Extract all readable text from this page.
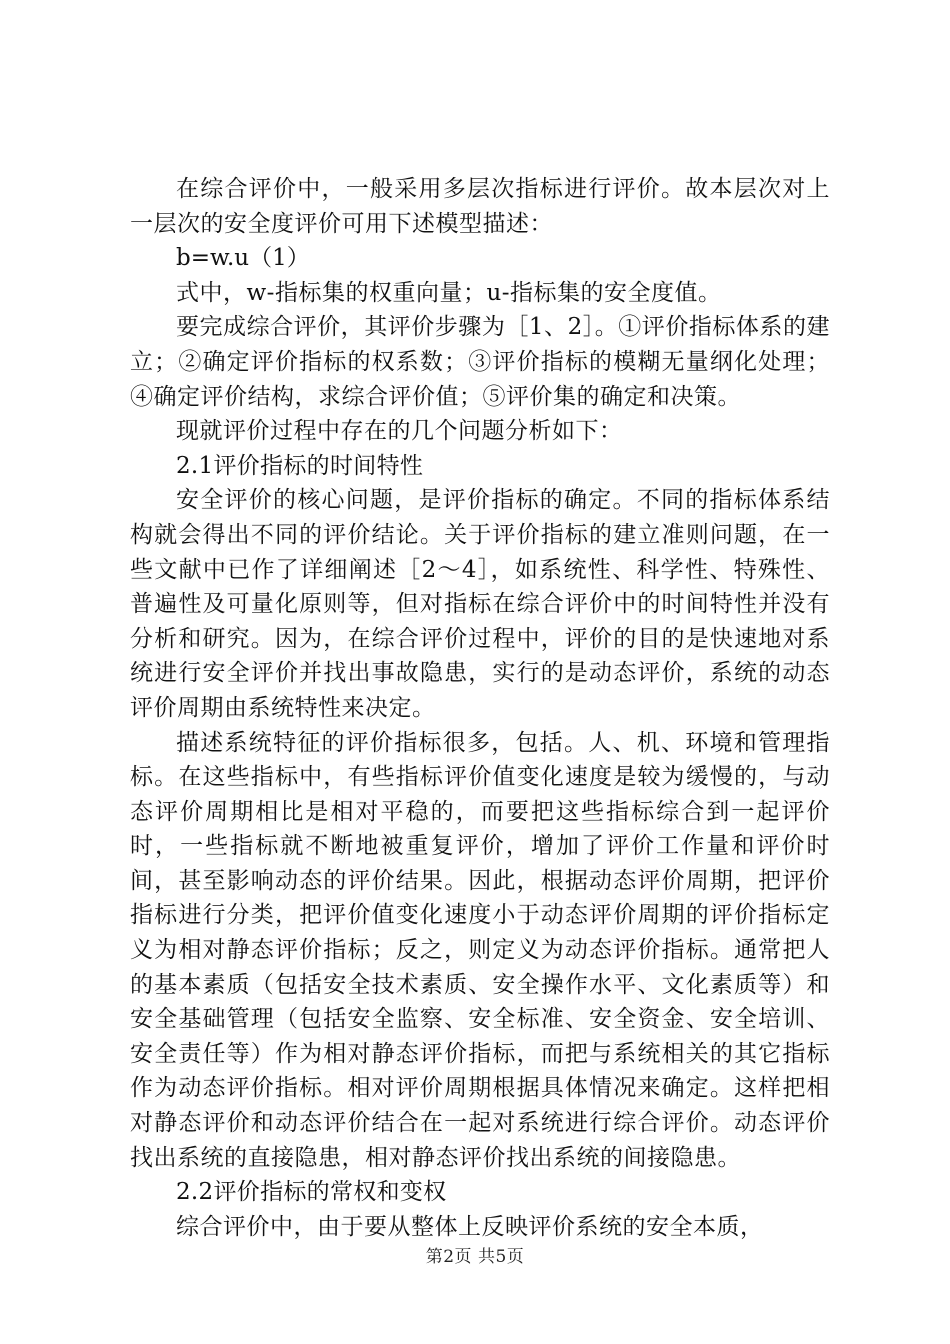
在综合评价中，一般采用多层次指标进行评价。故本层次对上一层次的安全度评价可用下述模型描述：

b=w.u（1）

式中，w-指标集的权重向量；u-指标集的安全度值。

要完成综合评价，其评价步骤为［1、2］。①评价指标体系的建立；②确定评价指标的权系数；③评价指标的模糊无量纲化处理；④确定评价结构，求综合评价值；⑤评价集的确定和决策。

现就评价过程中存在的几个问题分析如下：

2.1评价指标的时间特性

安全评价的核心问题，是评价指标的确定。不同的指标体系结构就会得出不同的评价结论。关于评价指标的建立准则问题，在一些文献中已作了详细阐述［2～4］，如系统性、科学性、特殊性、普遍性及可量化原则等，但对指标在综合评价中的时间特性并没有分析和研究。因为，在综合评价过程中，评价的目的是快速地对系统进行安全评价并找出事故隐患，实行的是动态评价，系统的动态评价周期由系统特性来决定。

描述系统特征的评价指标很多，包括。人、机、环境和管理指标。在这些指标中，有些指标评价值变化速度是较为缓慢的，与动态评价周期相比是相对平稳的，而要把这些指标综合到一起评价时，一些指标就不断地被重复评价，增加了评价工作量和评价时间，甚至影响动态的评价结果。因此，根据动态评价周期，把评价指标进行分类，把评价值变化速度小于动态评价周期的评价指标定义为相对静态评价指标；反之，则定义为动态评价指标。通常把人的基本素质（包括安全技术素质、安全操作水平、文化素质等）和安全基础管理（包括安全监察、安全标准、安全资金、安全培训、安全责任等）作为相对静态评价指标，而把与系统相关的其它指标作为动态评价指标。相对评价周期根据具体情况来确定。这样把相对静态评价和动态评价结合在一起对系统进行综合评价。动态评价找出系统的直接隐患，相对静态评价找出系统的间接隐患。

2.2评价指标的常权和变权

综合评价中，由于要从整体上反映评价系统的安全本质，

第2页 共5页
